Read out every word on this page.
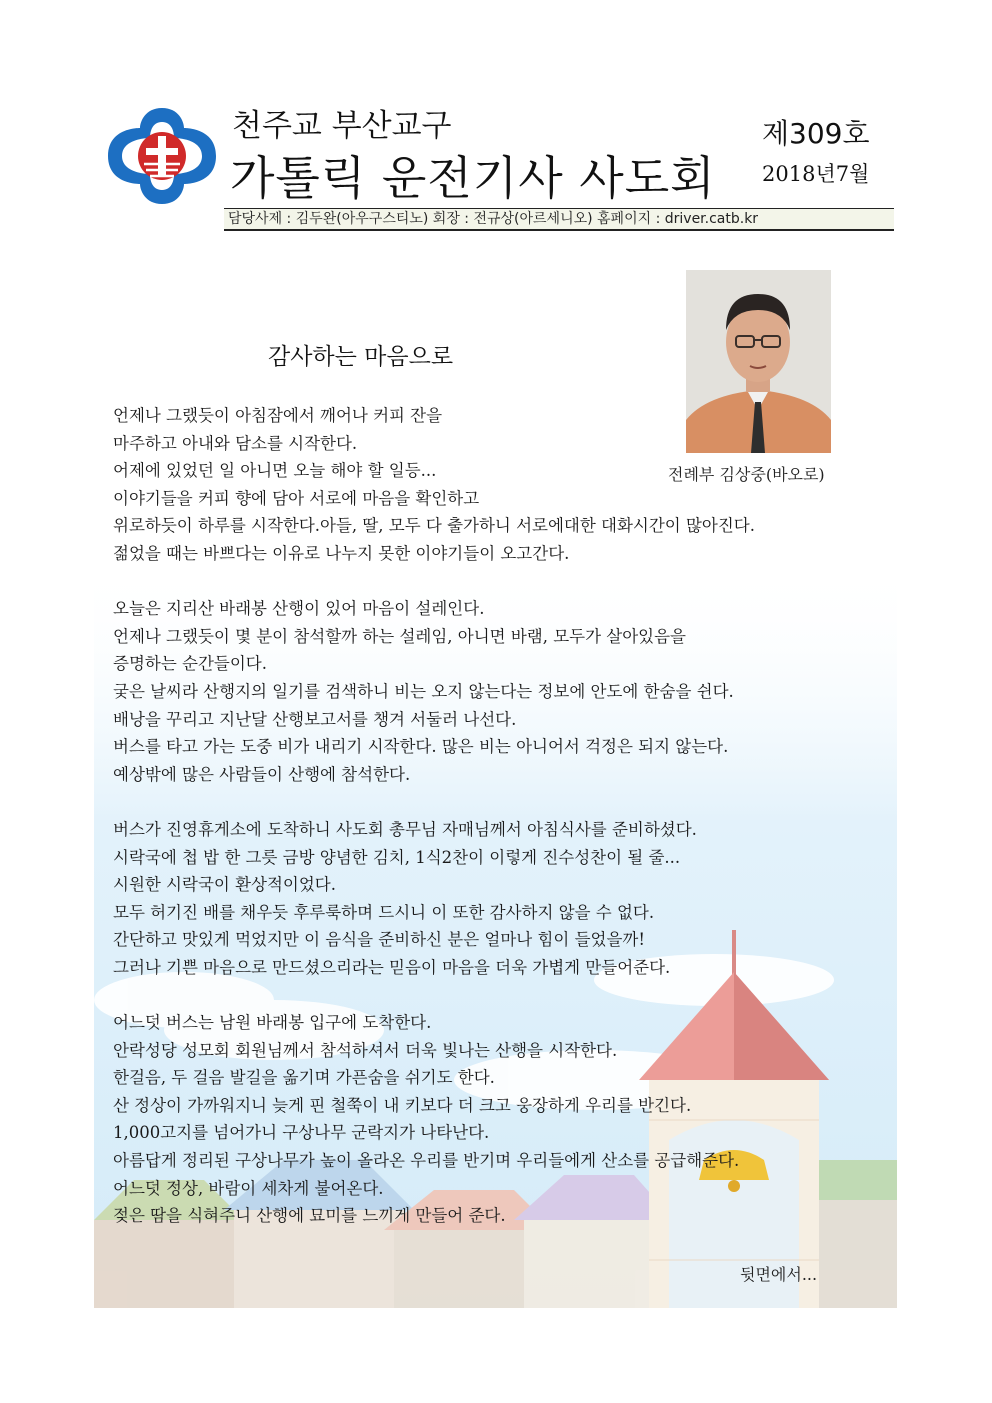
천주교 부산교구
가톨릭 운전기사 사도회
제309호
2018년7월
담당사제 : 김두완(아우구스티노) 회장 : 전규상(아르세니오) 홈페이지 : driver.catb.kr
전례부 김상중(바오로)
감사하는 마음으로
언제나 그랬듯이 아침잠에서 깨어나 커피 잔을
마주하고 아내와 담소를 시작한다.
어제에 있었던 일 아니면 오늘 해야 할 일등...
이야기들을 커피 향에 담아 서로에 마음을 확인하고
위로하듯이 하루를 시작한다.아들, 딸, 모두 다 출가하니 서로에대한 대화시간이 많아진다.
젊었을 때는 바쁘다는 이유로 나누지 못한 이야기들이 오고간다.
오늘은 지리산 바래봉 산행이 있어 마음이 설레인다.
언제나 그랬듯이 몇 분이 참석할까 하는 설레임, 아니면 바램, 모두가 살아있음을
증명하는 순간들이다.
궂은 날씨라 산행지의 일기를 검색하니 비는 오지 않는다는 정보에 안도에 한숨을 쉰다.
배낭을 꾸리고 지난달 산행보고서를 챙겨 서둘러 나선다.
버스를 타고 가는 도중 비가 내리기 시작한다. 많은 비는 아니어서 걱정은 되지 않는다.
예상밖에 많은 사람들이 산행에 참석한다.
버스가 진영휴게소에 도착하니 사도회 총무님 자매님께서 아침식사를 준비하셨다.
시락국에 첩 밥 한 그릇 금방 양념한 김치, 1식2찬이 이렇게 진수성찬이 될 줄...
시원한 시락국이 환상적이었다.
모두 허기진 배를 채우듯 후루룩하며 드시니 이 또한 감사하지 않을 수 없다.
간단하고 맛있게 먹었지만 이 음식을 준비하신 분은 얼마나 힘이 들었을까!
그러나 기쁜 마음으로 만드셨으리라는 믿음이 마음을 더욱 가볍게 만들어준다.
어느덧 버스는 남원 바래봉 입구에 도착한다.
안락성당 성모회 회원님께서 참석하셔서 더욱 빛나는 산행을 시작한다.
한걸음, 두 걸음 발길을 옮기며 가픈숨을 쉬기도 한다.
산 정상이 가까워지니 늦게 핀 철쭉이 내 키보다 더 크고 웅장하게 우리를 반긴다.
1,000고지를 넘어가니 구상나무 군락지가 나타난다.
아름답게 정리된 구상나무가 높이 올라온 우리를 반기며 우리들에게 산소를 공급해준다.
어느덧 정상, 바람이 세차게 불어온다.
젖은 땀을 식혀주니 산행에 묘미를 느끼게 만들어 준다.
뒷면에서...
